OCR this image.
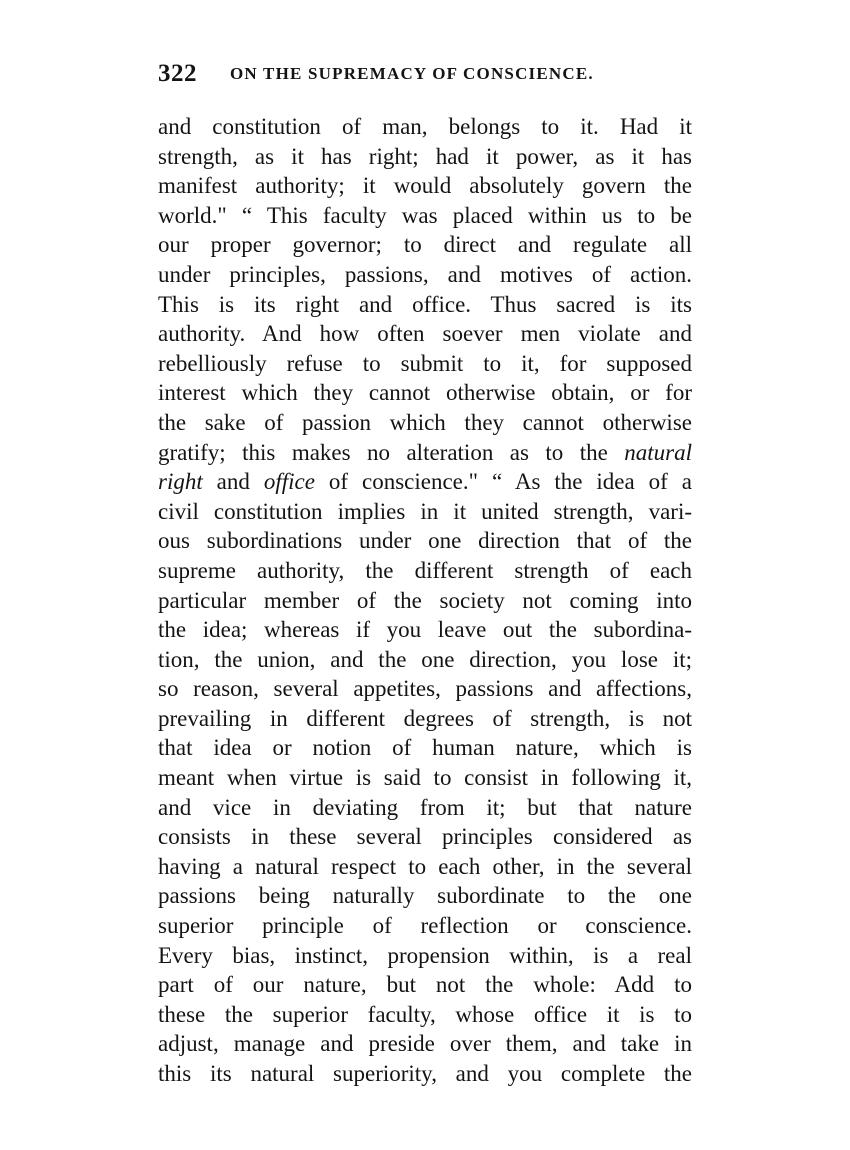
322 ON THE SUPREMACY OF CONSCIENCE.
and constitution of man, belongs to it. Had it
strength, as it has right; had it power, as it has
manifest authority; it would absolutely govern the
world." “ This faculty was placed within us to be
our proper governor; to direct and regulate all
under principles, passions, and motives of action.
This is its right and office. Thus sacred is its
authority. And how often soever men violate and
rebelliously refuse to submit to it, for supposed
interest which they cannot otherwise obtain, or for
the sake of passion which they cannot otherwise
gratify; this makes no alteration as to the natural
right and office of conscience." “ As the idea of a
civil constitution implies in it united strength, vari-
ous subordinations under one direction that of the
supreme authority, the different strength of each
particular member of the society not coming into
the idea; whereas if you leave out the subordina-
tion, the union, and the one direction, you lose it;
so reason, several appetites, passions and affections,
prevailing in different degrees of strength, is not
that idea or notion of human nature, which is
meant when virtue is said to consist in following it,
and vice in deviating from it; but that nature
consists in these several principles considered as
having a natural respect to each other, in the several
passions being naturally subordinate to the one
superior principle of reflection or conscience.
Every bias, instinct, propension within, is a real
part of our nature, but not the whole: Add to
these the superior faculty, whose office it is to
adjust, manage and preside over them, and take in
this its natural superiority, and you complete the
